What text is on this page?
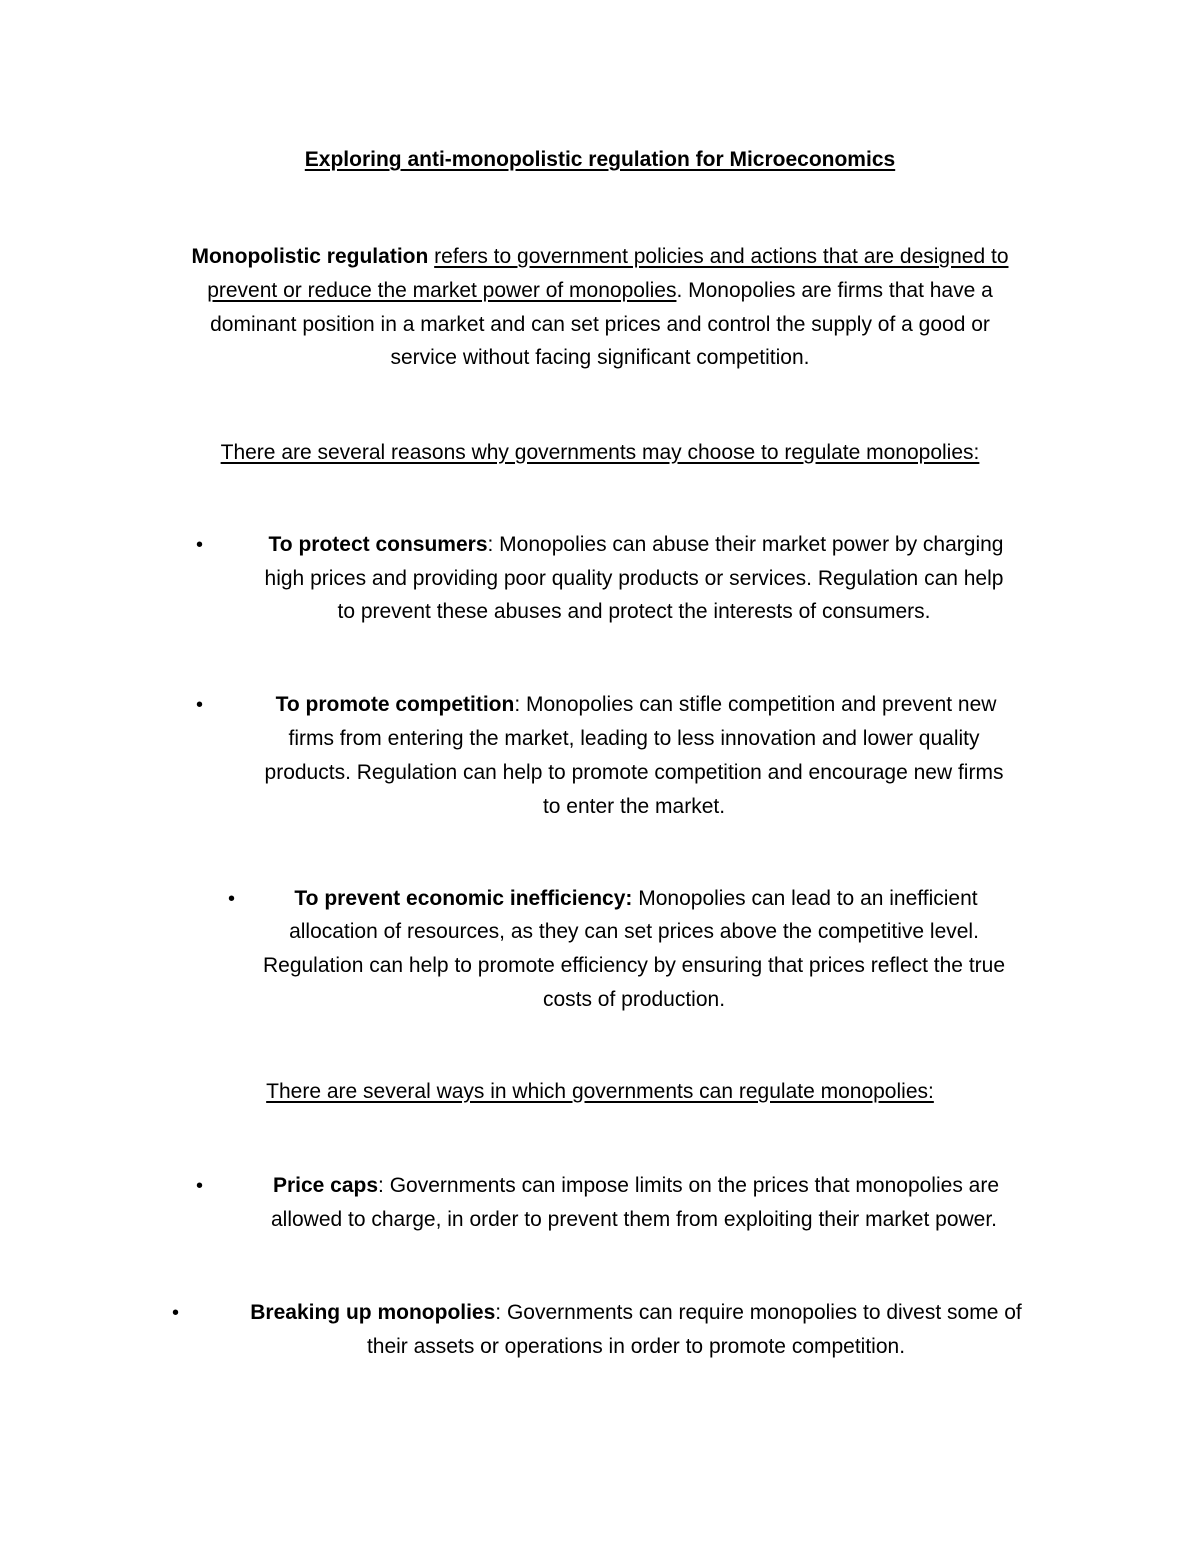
Exploring anti-monopolistic regulation for Microeconomics
Monopolistic regulation refers to government policies and actions that are designed to
prevent or reduce the market power of monopolies. Monopolies are firms that have a
dominant position in a market and can set prices and control the supply of a good or
service without facing significant competition.
There are several reasons why governments may choose to regulate monopolies:
•	To protect consumers: Monopolies can abuse their market power by charging
high prices and providing poor quality products or services. Regulation can help
to prevent these abuses and protect the interests of consumers.
•	To promote competition: Monopolies can stifle competition and prevent new
firms from entering the market, leading to less innovation and lower quality
products. Regulation can help to promote competition and encourage new firms
to enter the market.
•	To prevent economic inefficiency: Monopolies can lead to an inefficient
allocation of resources, as they can set prices above the competitive level.
Regulation can help to promote efficiency by ensuring that prices reflect the true
costs of production.
There are several ways in which governments can regulate monopolies:
•	Price caps: Governments can impose limits on the prices that monopolies are
allowed to charge, in order to prevent them from exploiting their market power.
•	Breaking up monopolies: Governments can require monopolies to divest some of
their assets or operations in order to promote competition.
